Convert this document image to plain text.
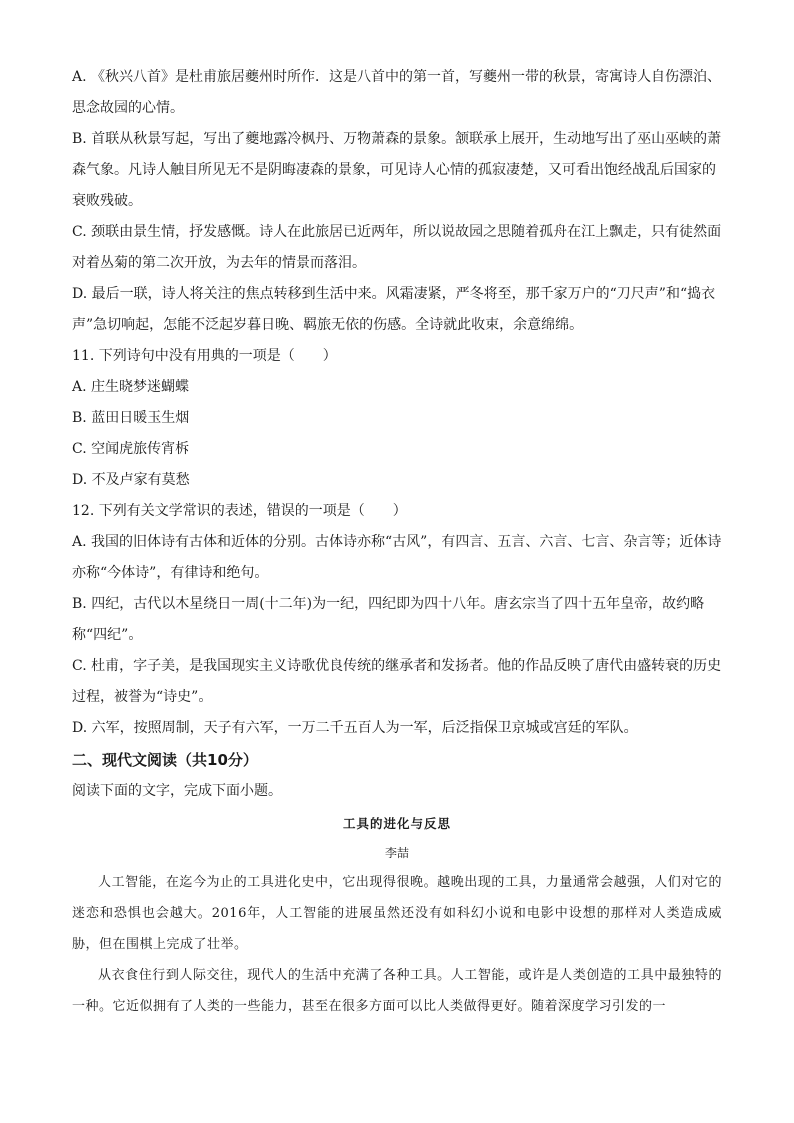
A. 《秋兴八首》是杜甫旅居夔州时所作．这是八首中的第一首，写夔州一带的秋景，寄寓诗人自伤漂泊、思念故园的心情。

B. 首联从秋景写起，写出了夔地露冷枫丹、万物萧森的景象。颔联承上展开，生动地写出了巫山巫峡的萧森气象。凡诗人触目所见无不是阴晦凄森的景象，可见诗人心情的孤寂凄楚，又可看出饱经战乱后国家的衰败残破。

C. 颈联由景生情，抒发感慨。诗人在此旅居已近两年，所以说故园之思随着孤舟在江上飘走，只有徒然面对着丛菊的第二次开放，为去年的情景而落泪。

D. 最后一联，诗人将关注的焦点转移到生活中来。风霜凄紧，严冬将至，那千家万户的“刀尺声”和“捣衣声”急切响起，怎能不泛起岁暮日晚、羁旅无依的伤感。全诗就此收束，余意绵绵。

11. 下列诗句中没有用典的一项是（　　）

A. 庄生晓梦迷蝴蝶

B. 蓝田日暖玉生烟

C. 空闻虎旅传宵柝

D. 不及卢家有莫愁

12. 下列有关文学常识的表述，错误的一项是（　　）

A. 我国的旧体诗有古体和近体的分别。古体诗亦称“古风”，有四言、五言、六言、七言、杂言等；近体诗亦称“今体诗”，有律诗和绝句。

B. 四纪，古代以木星绕日一周(十二年)为一纪，四纪即为四十八年。唐玄宗当了四十五年皇帝，故约略称“四纪”。

C. 杜甫，字子美，是我国现实主义诗歌优良传统的继承者和发扬者。他的作品反映了唐代由盛转衰的历史过程，被誉为“诗史”。

D. 六军，按照周制，天子有六军，一万二千五百人为一军，后泛指保卫京城或宫廷的军队。

二、现代文阅读（共10分）

阅读下面的文字，完成下面小题。

工具的进化与反思

李喆

人工智能，在迄今为止的工具进化史中，它出现得很晚。越晚出现的工具，力量通常会越强，人们对它的迷恋和恐惧也会越大。2016年，人工智能的进展虽然还没有如科幻小说和电影中设想的那样对人类造成威胁，但在围棋上完成了壮举。

从衣食住行到人际交往，现代人的生活中充满了各种工具。人工智能，或许是人类创造的工具中最独特的一种。它近似拥有了人类的一些能力，甚至在很多方面可以比人类做得更好。随着深度学习引发的一
